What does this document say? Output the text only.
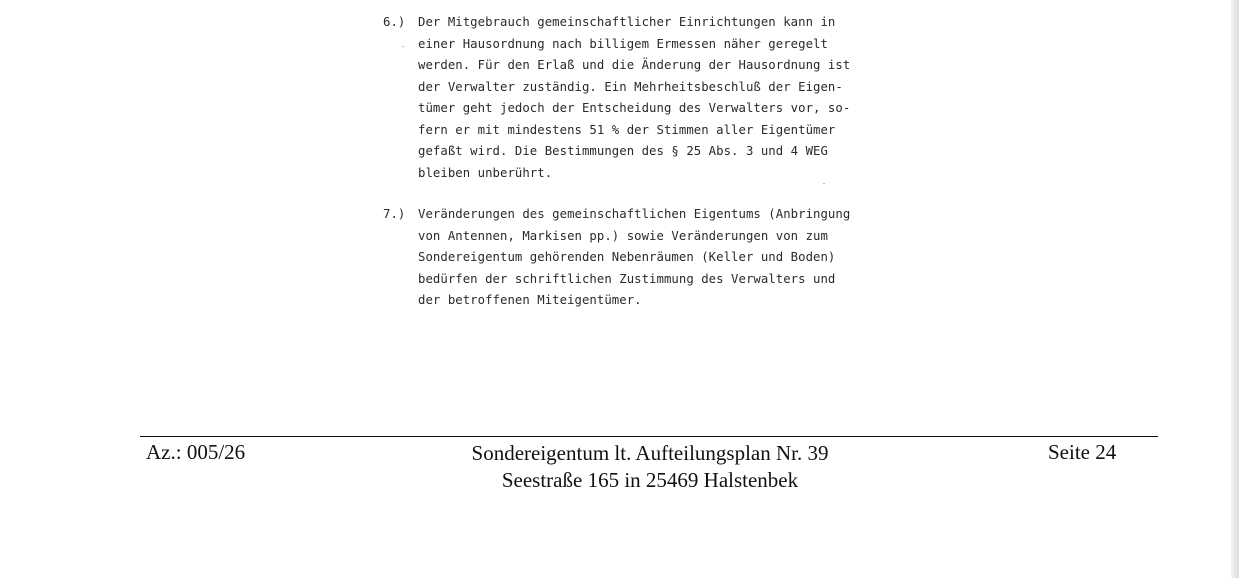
6.)	Der Mitgebrauch gemeinschaftlicher Einrichtungen kann in
einer Hausordnung nach billigem Ermessen näher geregelt
werden. Für den Erlaß und die Änderung der Hausordnung ist
der Verwalter zuständig. Ein Mehrheitsbeschluß der Eigen-
tümer geht jedoch der Entscheidung des Verwalters vor, so-
fern er mit mindestens 51 % der Stimmen aller Eigentümer
gefaßt wird. Die Bestimmungen des § 25 Abs. 3 und 4 WEG
bleiben unberührt.
7.)	Veränderungen des gemeinschaftlichen Eigentums (Anbringung
von Antennen, Markisen pp.) sowie Veränderungen von zum
Sondereigentum gehörenden Nebenräumen (Keller und Boden)
bedürfen der schriftlichen Zustimmung des Verwalters und
der betroffenen Miteigentümer.
Az.: 005/26	Sondereigentum lt. Aufteilungsplan Nr. 39
Seestraße 165 in 25469 Halstenbek
Seite 24
